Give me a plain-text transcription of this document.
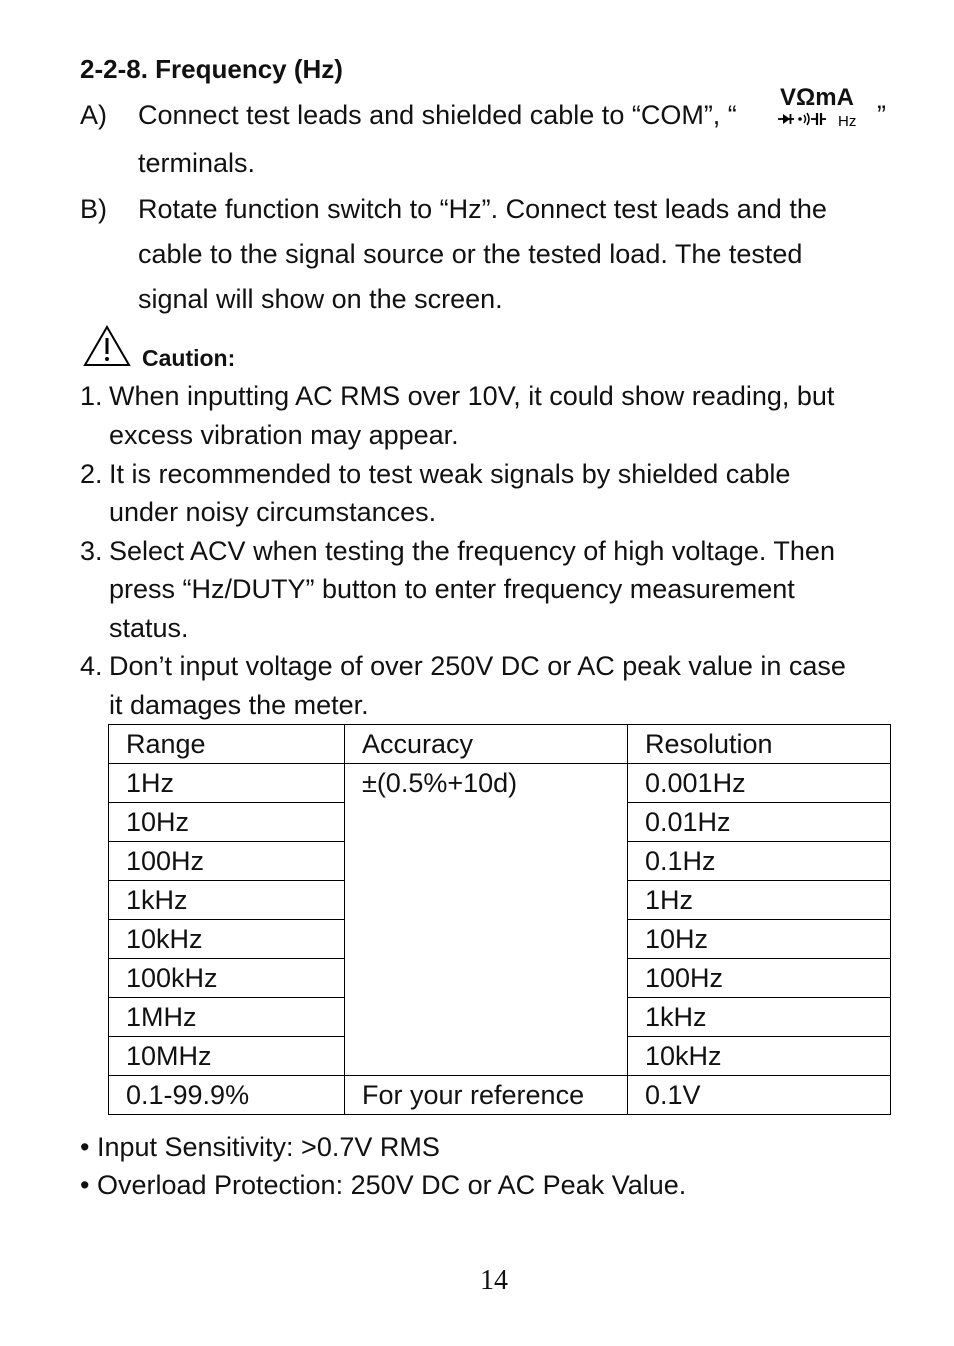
2-2-8. Frequency (Hz)
A) Connect test leads and shielded cable to “COM”, “
VΩmA
Hz ”
terminals.
B) Rotate function switch to “Hz”. Connect test leads and the
cable to the signal source or the tested load. The tested
signal will show on the screen.
Caution:
1. When inputting AC RMS over 10V, it could show reading, but
excess vibration may appear.
2. It is recommended to test weak signals by shielded cable
under noisy circumstances.
3. Select ACV when testing the frequency of high voltage. Then
press “Hz/DUTY” button to enter frequency measurement
status.
4. Don’t input voltage of over 250V DC or AC peak value in case
it damages the meter.
Range	Accuracy	Resolution
1Hz	±(0.5%+10d)	0.001Hz
10Hz		0.01Hz
100Hz		0.1Hz
1kHz		1Hz
10kHz		10Hz
100kHz		100Hz
1MHz		1kHz
10MHz		10kHz
0.1-99.9%	For your reference	0.1V
• Input Sensitivity: >0.7V RMS
• Overload Protection: 250V DC or AC Peak Value.
14
